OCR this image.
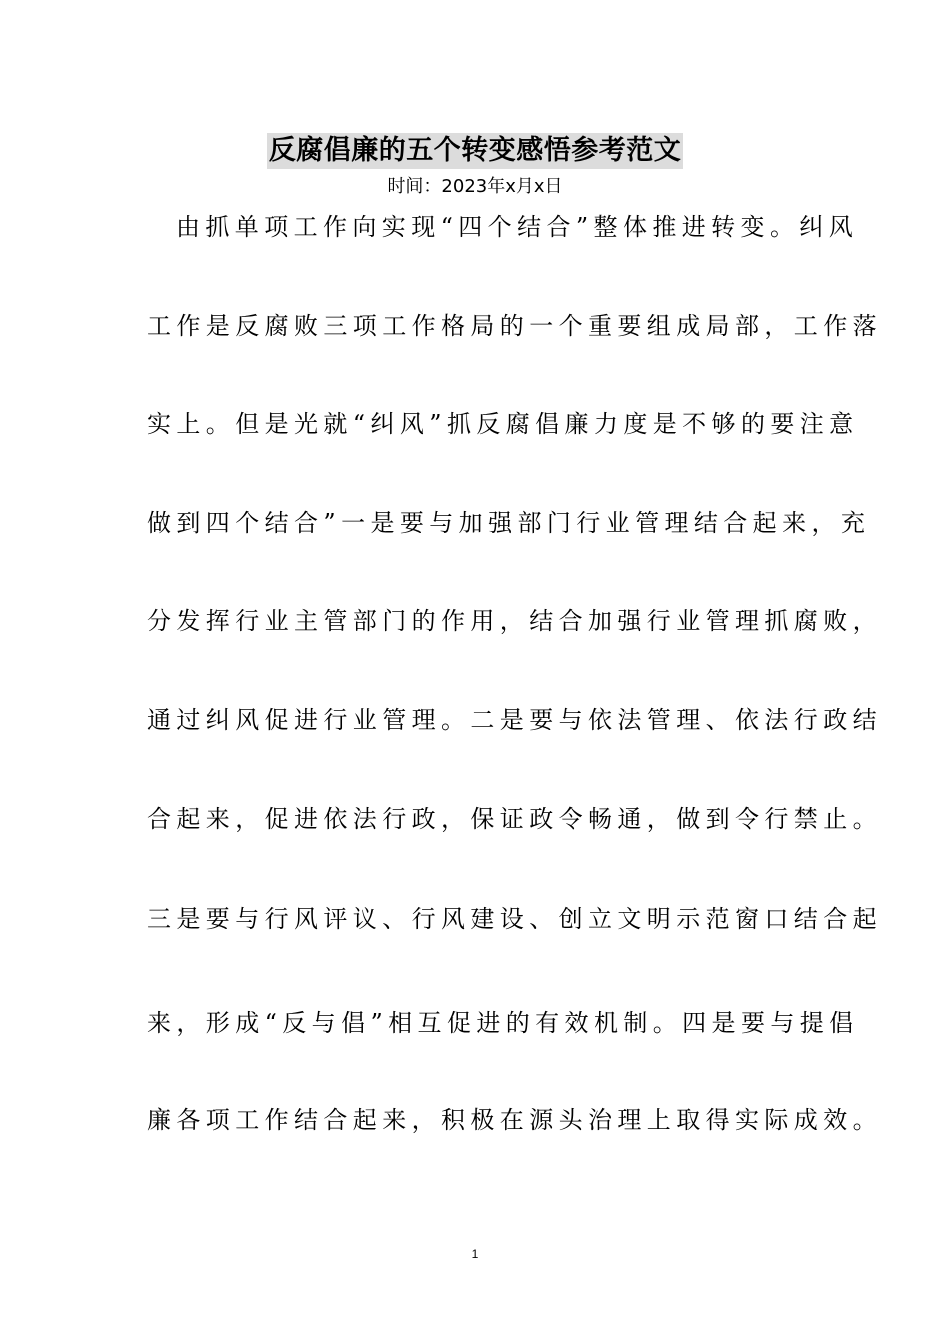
反腐倡廉的五个转变感悟参考范文
时间：2023年x月x日
由抓单项工作向实现“四个结合”整体推进转变。纠风
工作是反腐败三项工作格局的一个重要组成局部，工作落
实上。但是光就“纠风”抓反腐倡廉力度是不够的要注意
做到四个结合”一是要与加强部门行业管理结合起来，充
分发挥行业主管部门的作用，结合加强行业管理抓腐败，
通过纠风促进行业管理。二是要与依法管理、依法行政结
合起来，促进依法行政，保证政令畅通，做到令行禁止。
三是要与行风评议、行风建设、创立文明示范窗口结合起
来，形成“反与倡”相互促进的有效机制。四是要与提倡
廉各项工作结合起来，积极在源头治理上取得实际成效。
1
